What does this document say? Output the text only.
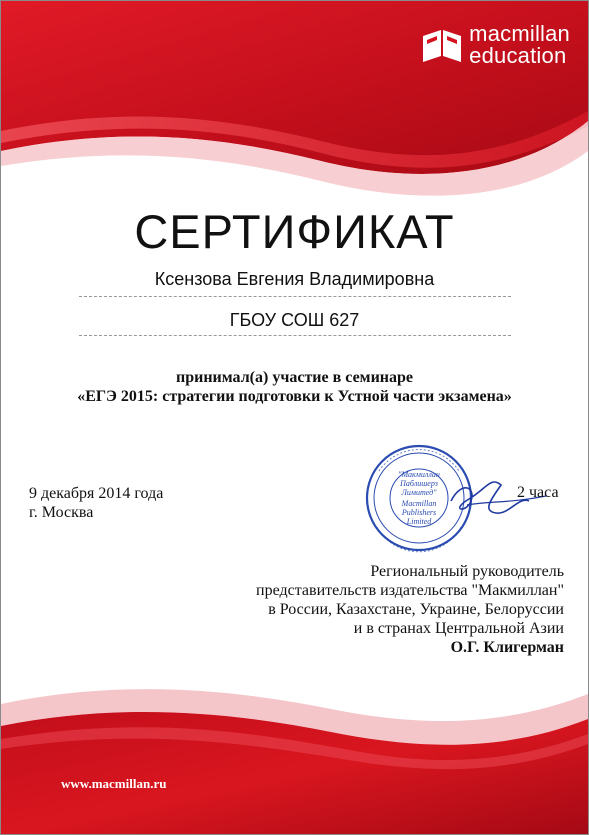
macmillan
education
СЕРТИФИКАТ
Ксензова Евгения Владимировна
ГБОУ СОШ 627
принимал(а) участие в семинаре
«ЕГЭ 2015: стратегии подготовки к Устной части экзамена»
9 декабря 2014 года
г. Москва
"Макмиллан
Паблишерз
Лимитед"
Macmillan
Publishers
Limited
2 часа
Региональный руководитель
представительств издательства "Макмиллан"
в России, Казахстане, Украине, Белоруссии
и в странах Центральной Азии
О.Г. Клигерман
www.macmillan.ru
